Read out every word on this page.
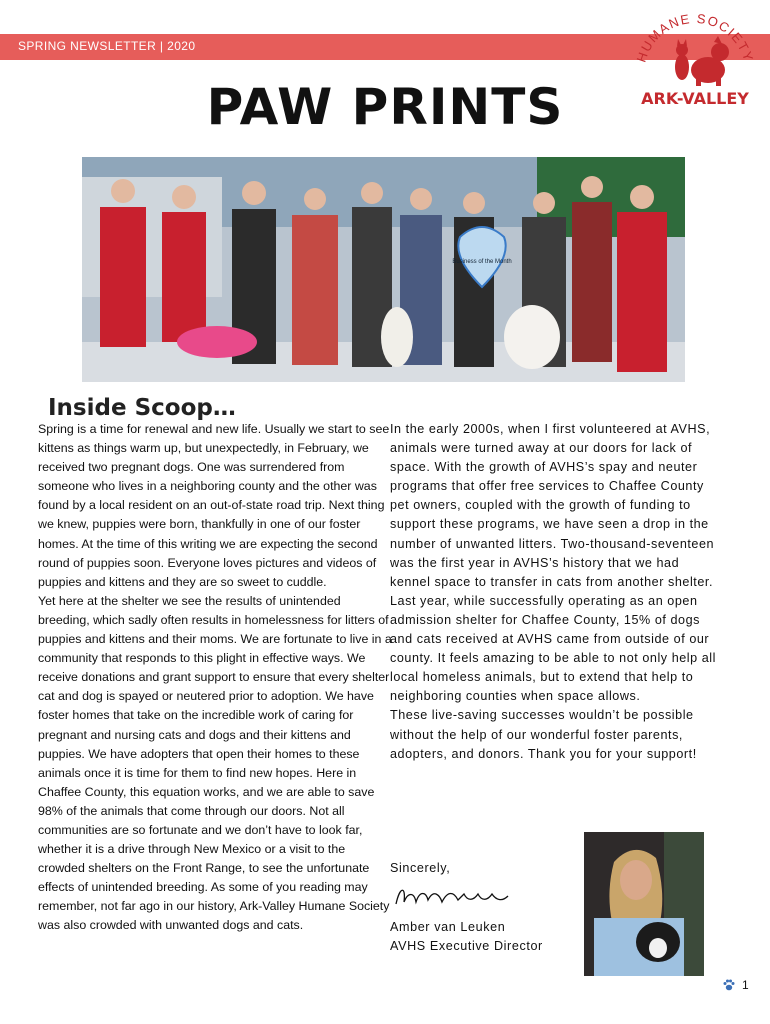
SPRING NEWSLETTER | 2020
HUMANE SOCIETY
ARK-VALLEY
PAW PRINTS
Business of the Month
Inside Scoop…

Spring is a time for renewal and new life. Usually we start to see kittens as things warm up, but unexpectedly, in February, we received two pregnant dogs. One was surrendered from someone who lives in a neighboring county and the other was found by a local resident on an out-of-state road trip. Next thing we knew, puppies were born, thankfully in one of our foster homes. At the time of this writing we are expecting the second round of puppies soon. Everyone loves pictures and videos of puppies and kittens and they are so sweet to cuddle.

Yet here at the shelter we see the results of unintended breeding, which sadly often results in homelessness for litters of puppies and kittens and their moms. We are fortunate to live in a community that responds to this plight in effective ways. We receive donations and grant support to ensure that every shelter cat and dog is spayed or neutered prior to adoption. We have foster homes that take on the incredible work of caring for pregnant and nursing cats and dogs and their kittens and puppies. We have adopters that open their homes to these animals once it is time for them to find new hopes. Here in Chaffee County, this equation works, and we are able to save 98% of the animals that come through our doors. Not all communities are so fortunate and we don’t have to look far, whether it is a drive through New Mexico or a visit to the crowded shelters on the Front Range, to see the unfortunate effects of unintended breeding. As some of you reading may remember, not far ago in our history, Ark-Valley Humane Society was also crowded with unwanted dogs and cats.

In the early 2000s, when I first volunteered at AVHS, animals were turned away at our doors for lack of space. With the growth of AVHS’s spay and neuter programs that offer free services to Chaffee County pet owners, coupled with the growth of funding to support these programs, we have seen a drop in the number of unwanted litters. Two-thousand-seventeen was the first year in AVHS’s history that we had kennel space to transfer in cats from another shelter. Last year, while successfully operating as an open admission shelter for Chaffee County, 15% of dogs and cats received at AVHS came from outside of our county. It feels amazing to be able to not only help all local homeless animals, but to extend that help to neighboring counties when space allows.

These live-saving successes wouldn’t be possible without the help of our wonderful foster parents, adopters, and donors. Thank you for your support!

Sincerely,
Amber van Leuken
AVHS Executive Director
1
